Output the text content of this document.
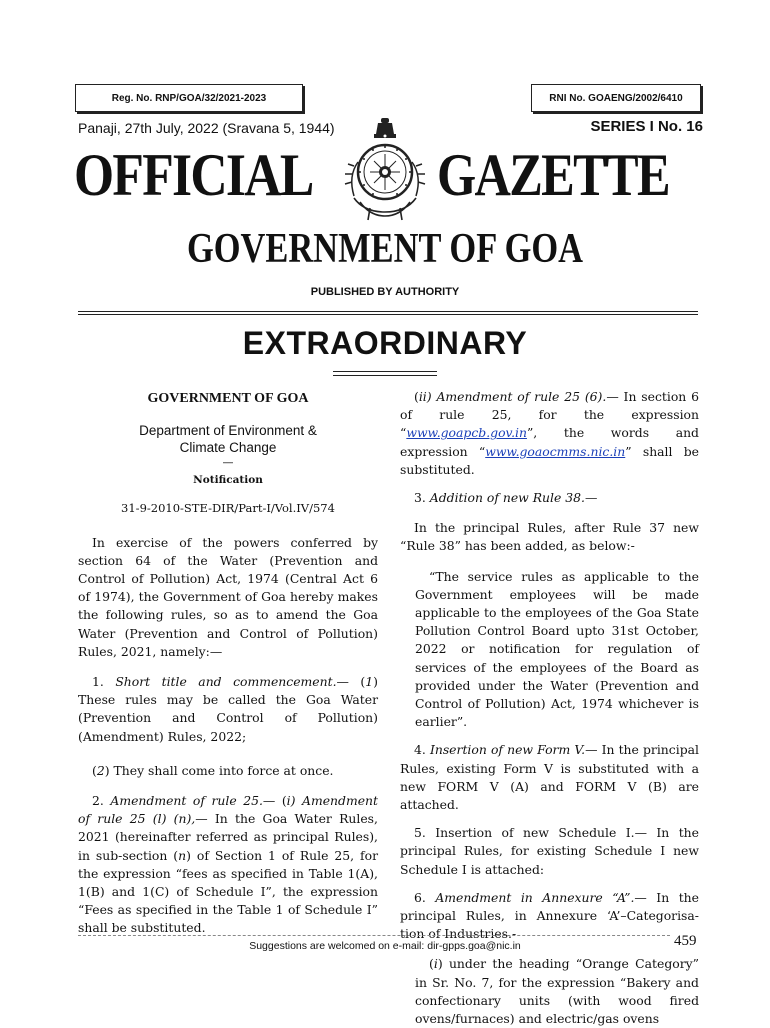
Reg. No. RNP/GOA/32/2021-2023	RNI No. GOAENG/2002/6410
Panaji, 27th July, 2022 (Sravana 5, 1944)	SERIES I No. 16
OFFICIAL GAZETTE
GOVERNMENT OF GOA
PUBLISHED BY AUTHORITY
EXTRAORDINARY

GOVERNMENT OF GOA

Department of Environment &
Climate Change
—
Notification

31-9-2010-STE-DIR/Part-I/Vol.IV/574

In exercise of the powers conferred by section 64 of the Water (Prevention and Control of Pollution) Act, 1974 (Central Act 6 of 1974), the Government of Goa hereby makes the following rules, so as to amend the Goa Water (Prevention and Control of Pollution) Rules, 2021, namely:—

1. Short title and commencement.— (1) These rules may be called the Goa Water (Prevention and Control of Pollution) (Amendment) Rules, 2022;

(2) They shall come into force at once.

2. Amendment of rule 25.— (i) Amendment of rule 25 (l) (n),— In the Goa Water Rules, 2021 (hereinafter referred as principal Rules), in sub-section (n) of Section 1 of Rule 25, for the expression “fees as specified in Table 1(A), 1(B) and 1(C) of Schedule I”, the expression “Fees as specified in the Table 1 of Schedule I” shall be substituted.

(ii) Amendment of rule 25 (6).— In section 6 of rule 25, for the expression “www.goapcb.gov.in”, the words and expression “www.goaocmms.nic.in” shall be substituted.

3. Addition of new Rule 38.—

In the principal Rules, after Rule 37 new “Rule 38” has been added, as below:-

“The service rules as applicable to the Government employees will be made applicable to the employees of the Goa State Pollution Control Board upto 31st October, 2022 or notification for regulation of services of the employees of the Board as provided under the Water (Prevention and Control of Pollution) Act, 1974 whichever is earlier”.

4. Insertion of new Form V.— In the principal Rules, existing Form V is substituted with a new FORM V (A) and FORM V (B) are attached.

5. Insertion of new Schedule I.— In the principal Rules, for existing Schedule I new Schedule I is attached:

6. Amendment in Annexure “A”.— In the principal Rules, in Annexure ‘A’–Categorisa-tion of Industries.-

(i) under the heading “Orange Category” in Sr. No. 7, for the expression “Bakery and confectionary units (with wood fired ovens/furnaces) and electric/gas ovens

Suggestions are welcomed on e-mail: dir-gpps.goa@nic.in	459
